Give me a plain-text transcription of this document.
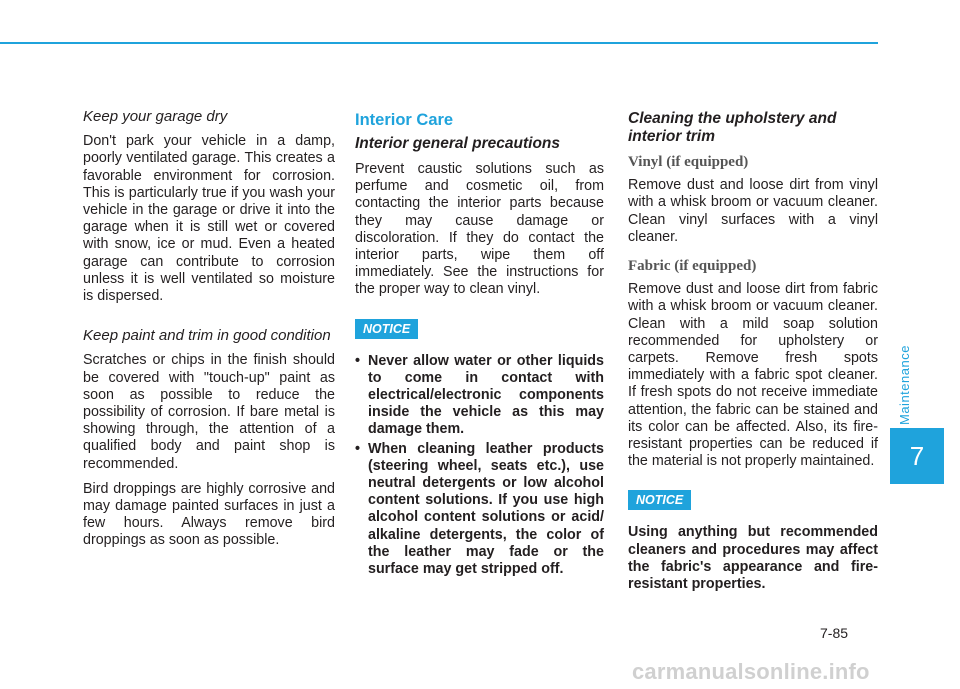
Maintenance
7

Keep your garage dry

Don't park your vehicle in a damp, poorly ventilated garage. This creates a favorable environment for corrosion. This is particularly true if you wash your vehicle in the garage or drive it into the garage when it is still wet or covered with snow, ice or mud. Even a heated garage can contribute to corrosion unless it is well ventilated so moisture is dispersed.

Keep paint and trim in good condition

Scratches or chips in the finish should be covered with "touch-up" paint as soon as possible to reduce the possibility of corrosion. If bare metal is showing through, the attention of a qualified body and paint shop is recommended.

Bird droppings are highly corrosive and may damage painted surfaces in just a few hours. Always remove bird droppings as soon as possible.

Interior Care
Interior general precautions

Prevent caustic solutions such as perfume and cosmetic oil, from contacting the interior parts because they may cause damage or discoloration. If they do contact the interior parts, wipe them off immediately. See the instructions for the proper way to clean vinyl.

NOTICE
• Never allow water or other liquids to come in contact with electrical/electronic components inside the vehicle as this may damage them.
• When cleaning leather products (steering wheel, seats etc.), use neutral detergents or low alcohol content solutions. If you use high alcohol content solutions or acid/ alkaline detergents, the color of the leather may fade or the surface may get stripped off.
Cleaning the upholstery and interior trim
Vinyl (if equipped)

Remove dust and loose dirt from vinyl with a whisk broom or vacuum cleaner. Clean vinyl surfaces with a vinyl cleaner.

Fabric (if equipped)

Remove dust and loose dirt from fabric with a whisk broom or vacuum cleaner. Clean with a mild soap solution recommended for upholstery or carpets. Remove fresh spots immediately with a fabric spot cleaner. If fresh spots do not receive immediate attention, the fabric can be stained and its color can be affected. Also, its fire-resistant properties can be reduced if the material is not properly maintained.

NOTICE

Using anything but recommended cleaners and procedures may affect the fabric's appearance and fire-resistant properties.

7-85
carmanualsonline.info
